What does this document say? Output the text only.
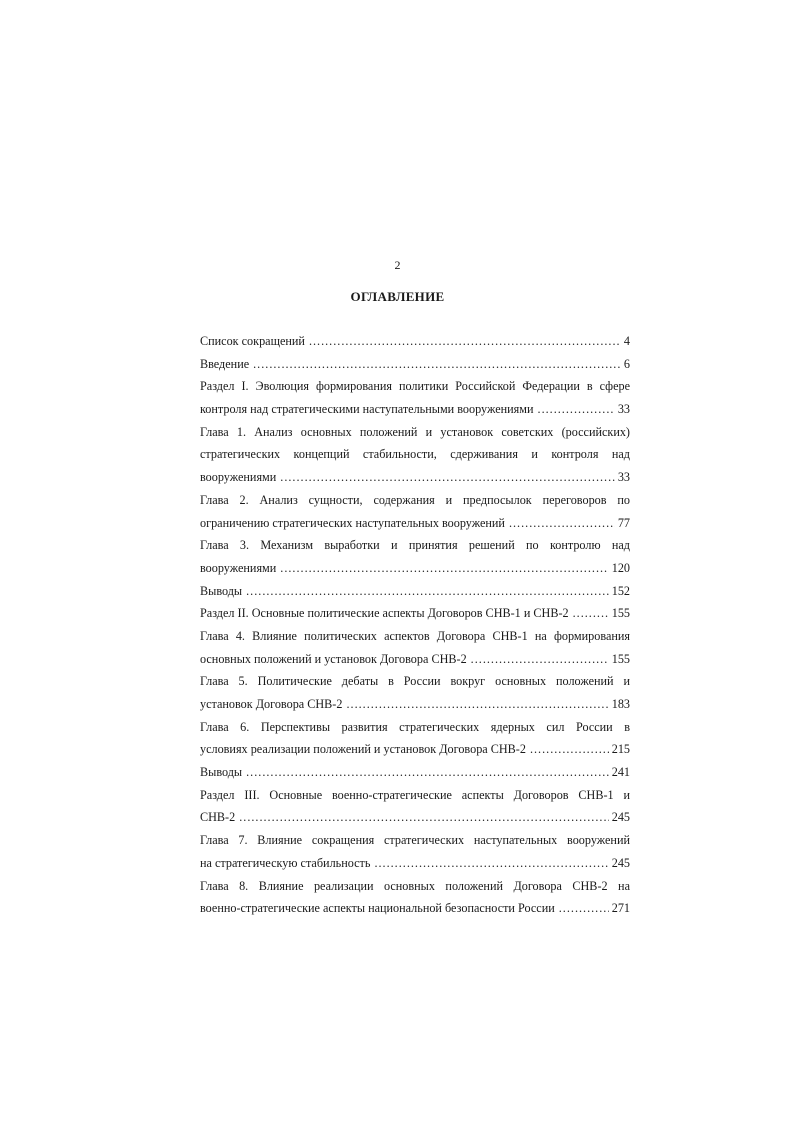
2
ОГЛАВЛЕНИЕ
Список сокращений .....	4
Введение .....	6
Раздел I. Эволюция формирования политики Российской Федерации в сфере
контроля над стратегическими наступательными вооружениями .....	33
Глава 1. Анализ основных положений и установок советских (российских)
стратегических концепций стабильности, сдерживания и контроля над
вооружениями .....	33
Глава 2. Анализ сущности, содержания и предпосылок переговоров по
ограничению стратегических наступательных вооружений .....	77
Глава 3. Механизм выработки и принятия решений по контролю над
вооружениями .....	120
Выводы .....	152
Раздел II. Основные политические аспекты Договоров СНВ-1 и СНВ-2 .....	155
Глава 4. Влияние политических аспектов Договора СНВ-1 на формирования
основных положений и установок Договора СНВ-2 .....	155
Глава 5. Политические дебаты в России вокруг основных положений и
установок Договора СНВ-2 .....	183
Глава 6. Перспективы развития стратегических ядерных сил России в
условиях реализации положений и установок Договора СНВ-2 .....	215
Выводы .....	241
Раздел III. Основные военно-стратегические аспекты Договоров СНВ-1 и
СНВ-2 .....	245
Глава 7. Влияние сокращения стратегических наступательных вооружений
на стратегическую стабильность .....	245
Глава 8. Влияние реализации основных положений Договора СНВ-2 на
военно-стратегические аспекты национальной безопасности России .....	271
